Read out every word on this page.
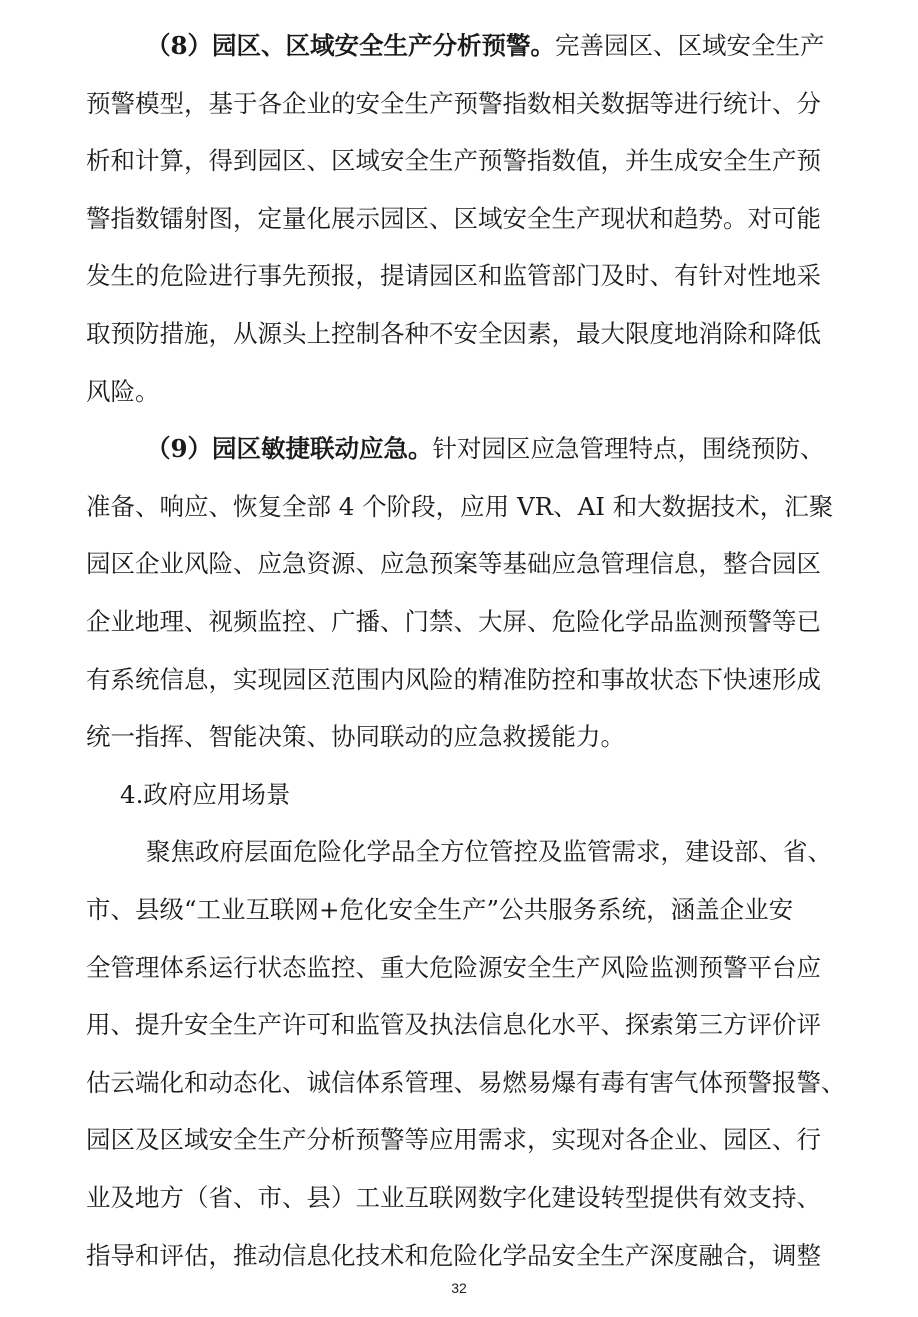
（8）园区、区域安全生产分析预警。完善园区、区域安全生产
预警模型，基于各企业的安全生产预警指数相关数据等进行统计、分
析和计算，得到园区、区域安全生产预警指数值，并生成安全生产预
警指数镭射图，定量化展示园区、区域安全生产现状和趋势。对可能
发生的危险进行事先预报，提请园区和监管部门及时、有针对性地采
取预防措施，从源头上控制各种不安全因素，最大限度地消除和降低
风险。
（9）园区敏捷联动应急。针对园区应急管理特点，围绕预防、
准备、响应、恢复全部 4 个阶段，应用 VR、AI 和大数据技术，汇聚
园区企业风险、应急资源、应急预案等基础应急管理信息，整合园区
企业地理、视频监控、广播、门禁、大屏、危险化学品监测预警等已
有系统信息，实现园区范围内风险的精准防控和事故状态下快速形成
统一指挥、智能决策、协同联动的应急救援能力。
4.政府应用场景
聚焦政府层面危险化学品全方位管控及监管需求，建设部、省、
市、县级“工业互联网+危化安全生产”公共服务系统，涵盖企业安
全管理体系运行状态监控、重大危险源安全生产风险监测预警平台应
用、提升安全生产许可和监管及执法信息化水平、探索第三方评价评
估云端化和动态化、诚信体系管理、易燃易爆有毒有害气体预警报警、
园区及区域安全生产分析预警等应用需求，实现对各企业、园区、行
业及地方（省、市、县）工业互联网数字化建设转型提供有效支持、
指导和评估，推动信息化技术和危险化学品安全生产深度融合，调整
32
